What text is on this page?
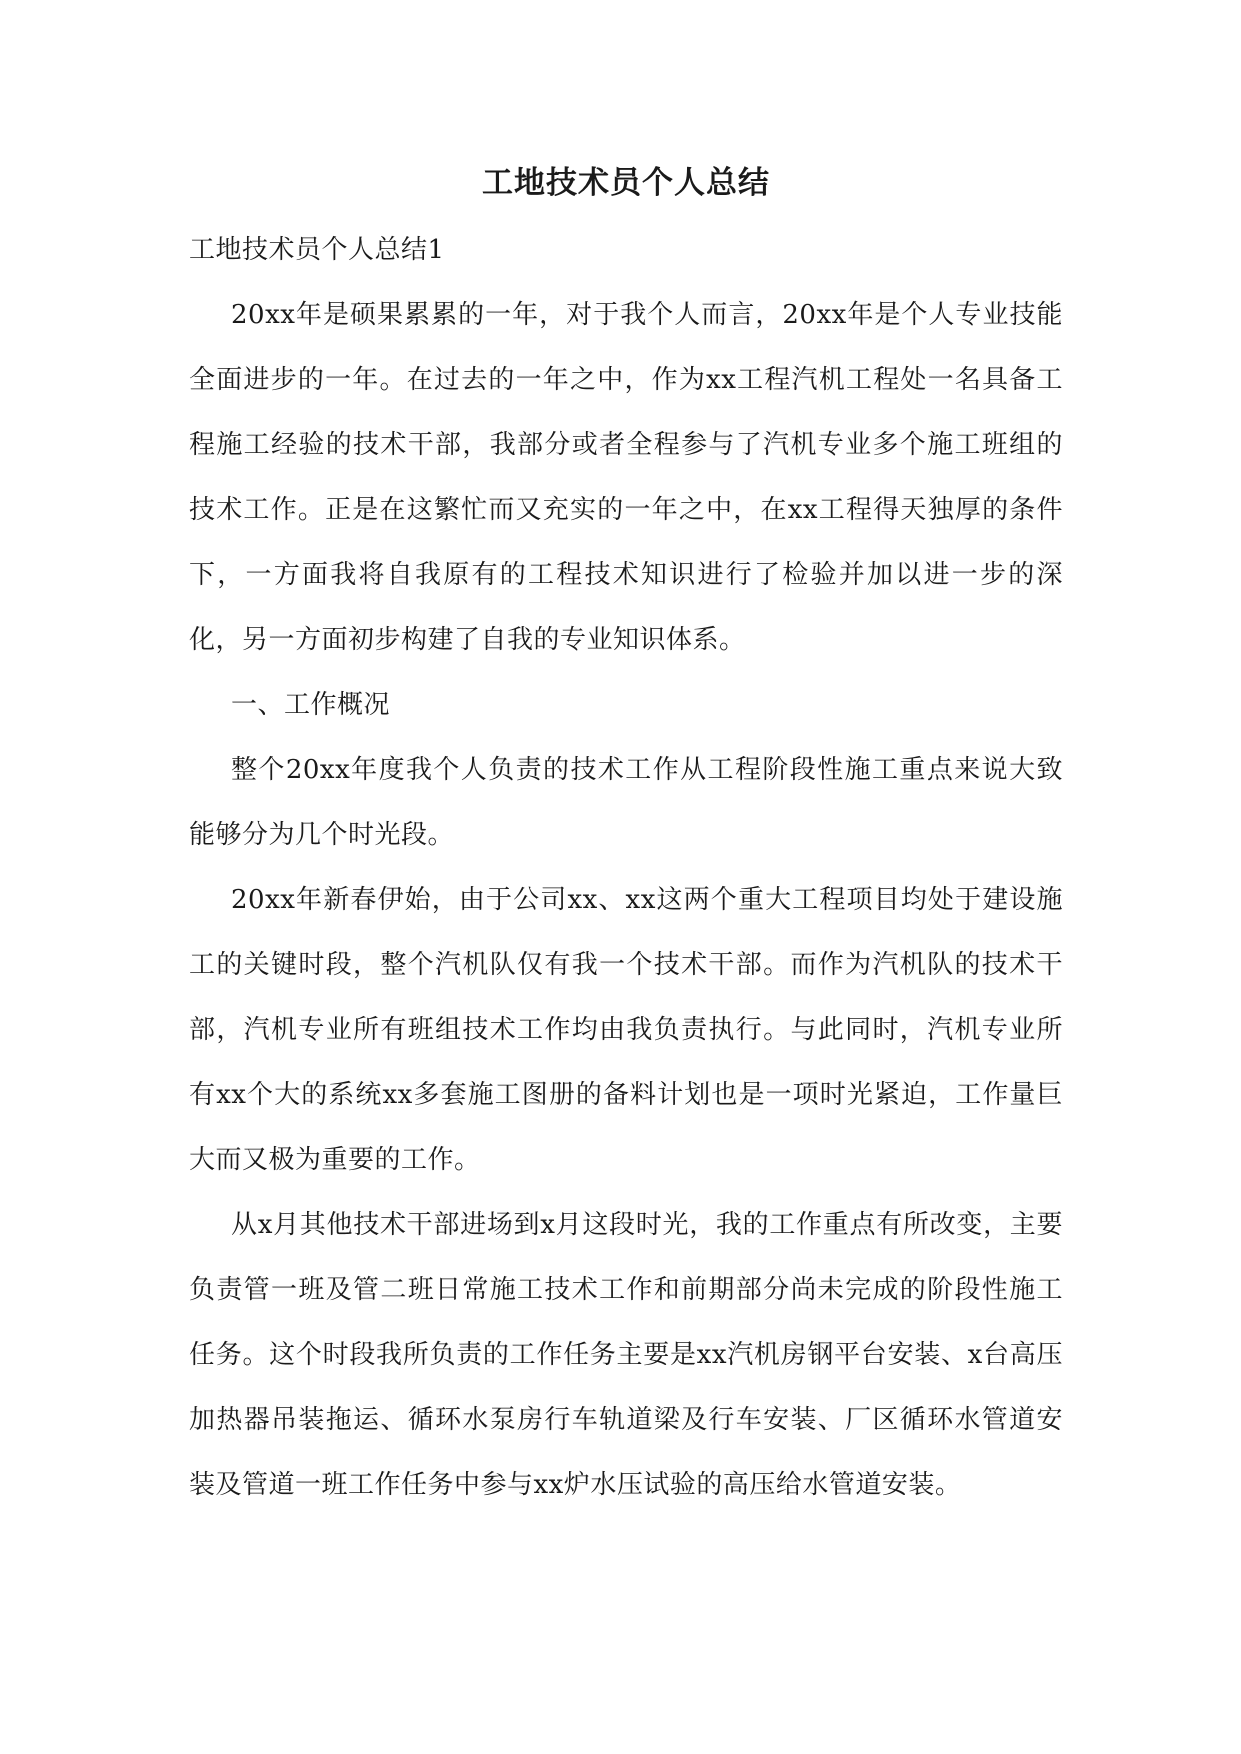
工地技术员个人总结

工地技术员个人总结1

20xx年是硕果累累的一年，对于我个人而言，20xx年是个人专业技能全面进步的一年。在过去的一年之中，作为xx工程汽机工程处一名具备工程施工经验的技术干部，我部分或者全程参与了汽机专业多个施工班组的技术工作。正是在这繁忙而又充实的一年之中，在xx工程得天独厚的条件下，一方面我将自我原有的工程技术知识进行了检验并加以进一步的深化，另一方面初步构建了自我的专业知识体系。

一、工作概况

整个20xx年度我个人负责的技术工作从工程阶段性施工重点来说大致能够分为几个时光段。

20xx年新春伊始，由于公司xx、xx这两个重大工程项目均处于建设施工的关键时段，整个汽机队仅有我一个技术干部。而作为汽机队的技术干部，汽机专业所有班组技术工作均由我负责执行。与此同时，汽机专业所有xx个大的系统xx多套施工图册的备料计划也是一项时光紧迫，工作量巨大而又极为重要的工作。

从x月其他技术干部进场到x月这段时光，我的工作重点有所改变，主要负责管一班及管二班日常施工技术工作和前期部分尚未完成的阶段性施工任务。这个时段我所负责的工作任务主要是xx汽机房钢平台安装、x台高压加热器吊装拖运、循环水泵房行车轨道梁及行车安装、厂区循环水管道安装及管道一班工作任务中参与xx炉水压试验的高压给水管道安装。
